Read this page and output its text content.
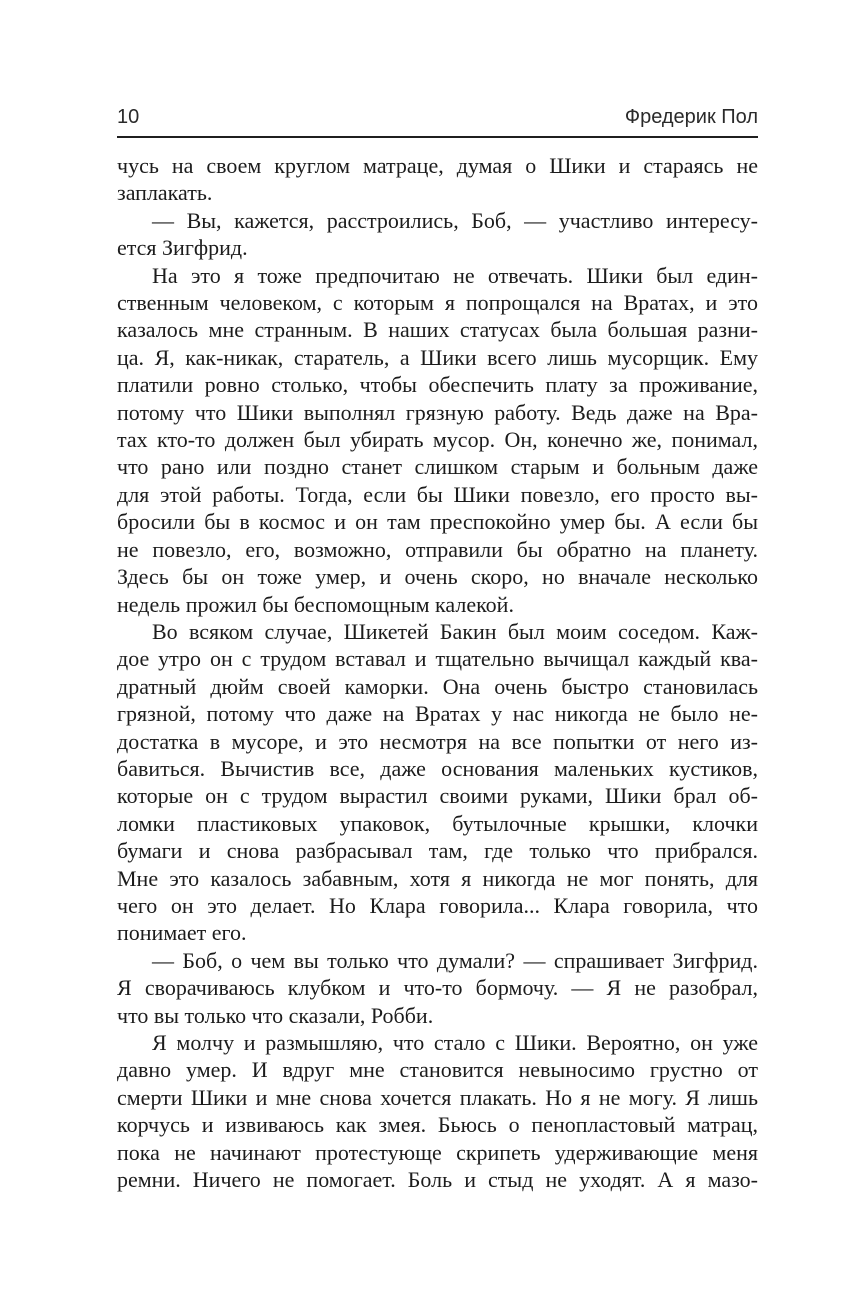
10	Фредерик Пол
чусь на своем круглом матраце, думая о Шики и стараясь не
заплакать.
— Вы, кажется, расстроились, Боб, — участливо интересу-
ется Зигфрид.
На это я тоже предпочитаю не отвечать. Шики был един-
ственным человеком, с которым я попрощался на Вратах, и это
казалось мне странным. В наших статусах была большая разни-
ца. Я, как-никак, старатель, а Шики всего лишь мусорщик. Ему
платили ровно столько, чтобы обеспечить плату за проживание,
потому что Шики выполнял грязную работу. Ведь даже на Вра-
тах кто-то должен был убирать мусор. Он, конечно же, понимал,
что рано или поздно станет слишком старым и больным даже
для этой работы. Тогда, если бы Шики повезло, его просто вы-
бросили бы в космос и он там преспокойно умер бы. А если бы
не повезло, его, возможно, отправили бы обратно на планету.
Здесь бы он тоже умер, и очень скоро, но вначале несколько
недель прожил бы беспомощным калекой.
Во всяком случае, Шикетей Бакин был моим соседом. Каж-
дое утро он с трудом вставал и тщательно вычищал каждый ква-
дратный дюйм своей каморки. Она очень быстро становилась
грязной, потому что даже на Вратах у нас никогда не было не-
достатка в мусоре, и это несмотря на все попытки от него из-
бавиться. Вычистив все, даже основания маленьких кустиков,
которые он с трудом вырастил своими руками, Шики брал об-
ломки пластиковых упаковок, бутылочные крышки, клочки
бумаги и снова разбрасывал там, где только что прибрался.
Мне это казалось забавным, хотя я никогда не мог понять, для
чего он это делает. Но Клара говорила... Клара говорила, что
понимает его.
— Боб, о чем вы только что думали? — спрашивает Зигфрид.
Я сворачиваюсь клубком и что-то бормочу. — Я не разобрал,
что вы только что сказали, Робби.
Я молчу и размышляю, что стало с Шики. Вероятно, он уже
давно умер. И вдруг мне становится невыносимо грустно от
смерти Шики и мне снова хочется плакать. Но я не могу. Я лишь
корчусь и извиваюсь как змея. Бьюсь о пенопластовый матрац,
пока не начинают протестующе скрипеть удерживающие меня
ремни. Ничего не помогает. Боль и стыд не уходят. А я мазо-
